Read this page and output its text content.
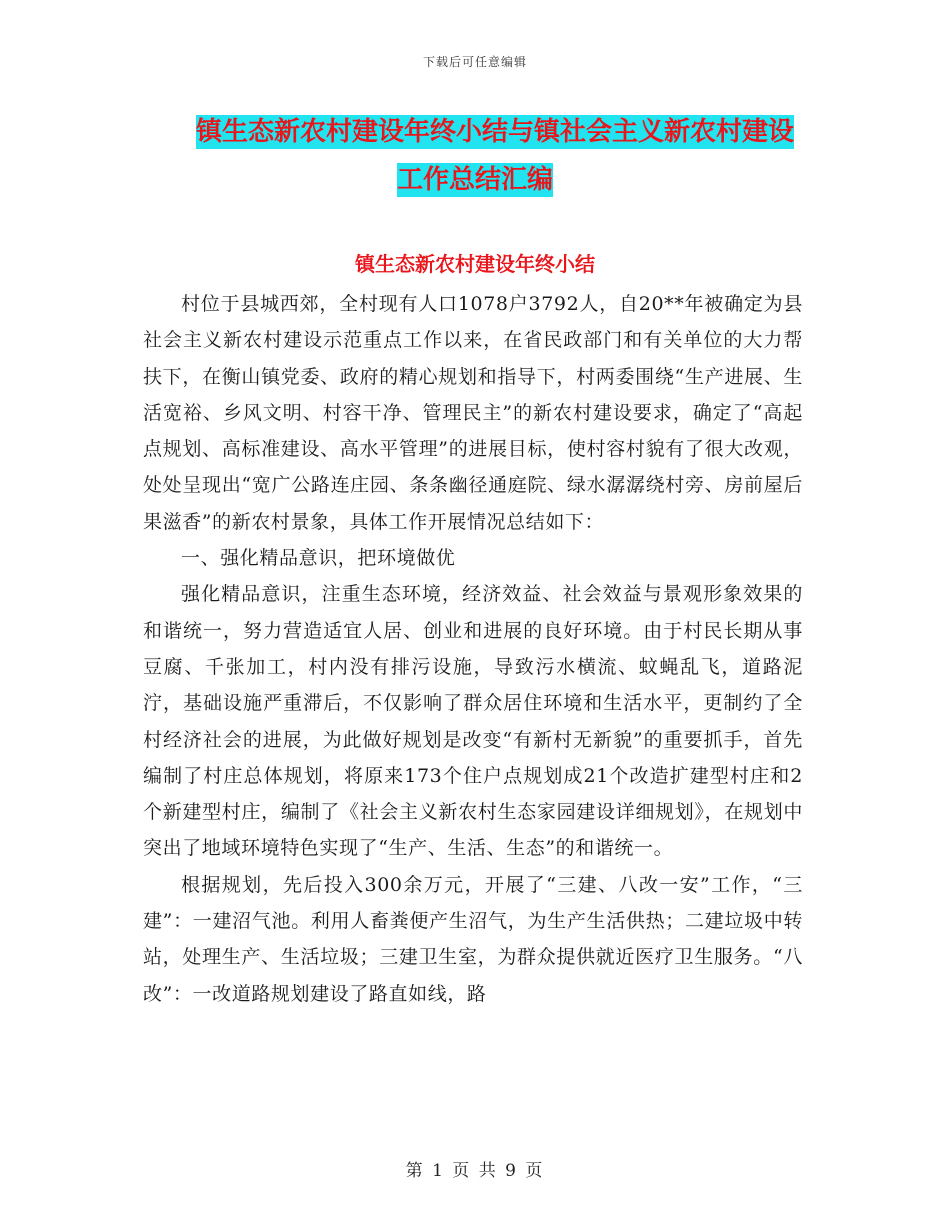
下载后可任意编辑
镇生态新农村建设年终小结与镇社会主义新农村建设
工作总结汇编
镇生态新农村建设年终小结

村位于县城西郊，全村现有人口1078户3792人，自20**年被确定为县社会主义新农村建设示范重点工作以来，在省民政部门和有关单位的大力帮扶下，在衡山镇党委、政府的精心规划和指导下，村两委围绕“生产进展、生活宽裕、乡风文明、村容干净、管理民主”的新农村建设要求，确定了“高起点规划、高标准建设、高水平管理”的进展目标，使村容村貌有了很大改观，处处呈现出“宽广公路连庄园、条条幽径通庭院、绿水潺潺绕村旁、房前屋后果滋香”的新农村景象，具体工作开展情况总结如下：

一、强化精品意识，把环境做优

强化精品意识，注重生态环境，经济效益、社会效益与景观形象效果的和谐统一，努力营造适宜人居、创业和进展的良好环境。由于村民长期从事豆腐、千张加工，村内没有排污设施，导致污水横流、蚊蝇乱飞，道路泥泞，基础设施严重滞后，不仅影响了群众居住环境和生活水平，更制约了全村经济社会的进展，为此做好规划是改变“有新村无新貌”的重要抓手，首先编制了村庄总体规划，将原来173个住户点规划成21个改造扩建型村庄和2个新建型村庄，编制了《社会主义新农村生态家园建设详细规划》，在规划中突出了地域环境特色实现了“生产、生活、生态”的和谐统一。

根据规划，先后投入300余万元，开展了“三建、八改一安”工作，“三建”：一建沼气池。利用人畜粪便产生沼气，为生产生活供热；二建垃圾中转站，处理生产、生活垃圾；三建卫生室，为群众提供就近医疗卫生服务。“八改”：一改道路规划建设了路直如线，路

第 1 页 共 9 页
